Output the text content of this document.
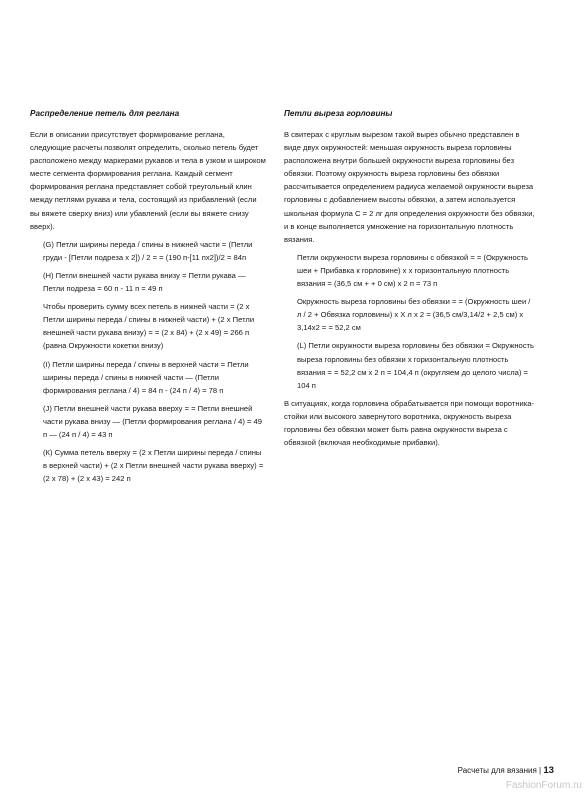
Распределение петель для реглана

Если в описании присутствует формирование реглана, следующие расчеты позволят определить, сколько петель будет расположено между маркерами рукавов и тела в узком и широком месте сегмента формирования реглана. Каждый сегмент формирования реглана представляет собой треугольный клин между петлями рукава и тела, состоящий из прибавлений (если вы вяжете сверху вниз) или убавлений (если вы вяжете снизу вверх).

(G) Петли ширины переда / спины в нижней части = (Петли груди - [Петли подреза х 2]) / 2 = = (190 п-[11 пх2])/2 = 84п

(Н) Петли внешней части рукава внизу = Петли рукава — Петли подреза = 60 п - 11 п = 49 п

Чтобы проверить сумму всех петель в нижней части = (2 х Петли ширины переда / спины в нижней части) + (2 х Петли внешней части рукава внизу) = = (2 х 84) + (2 х 49) = 266 п (равна Окружности кокетки внизу)

(I) Петли ширины переда / спины в верхней части = Петли ширины переда / спины в нижней части — (Петли формирования реглана / 4) = 84 п - (24 п / 4) = 78 п

(J) Петли внешней части рукава вверху = = Петли внешней части рукава внизу — (Петли формирования реглана / 4) = 49 п — (24 п / 4) = 43 п

(К) Сумма петель вверху = (2 х Петли ширины переда / спины в верхней части) + (2 х Петли внешней части рукава вверху) = (2 х 78) + (2 х 43) = 242 п

Петли выреза горловины

В свитерах с круглым вырезом такой вырез обычно представлен в виде двух окружностей: меньшая окружность выреза горловины расположена внутри большей окружности выреза горловины без обвязки. Поэтому окружность выреза горловины без обвязки рассчитывается определением радиуса желаемой окружности выреза горловины с добавлением высоты обвязки, а затем используется школьная формула С = 2 лг для определения окружности без обвязки, и в конце выполняется умножение на горизонтальную плотность вязания.

Петли окружности выреза горловины с обвязкой = = (Окружность шеи + Прибавка к горловине) х х горизонтальную плотность вязания = (36,5 см + + 0 см) х 2 п = 73 п

Окружность выреза горловины без обвязки = = (Окружность шеи / л / 2 + Обвязка горловины) х Х л х 2 = (36,5 см/3,14/2 + 2,5 см) х 3,14х2 = = 52,2 см

(L) Петли окружности выреза горловины без обвязки = Окружность выреза горловины без обвязки х горизонтальную плотность вязания = = 52,2 см х 2 п = 104,4 п (округляем до целого числа) = 104 п

В ситуациях, когда горловина обрабатывается при помощи воротника-стойки или высокого завернутого воротника, окружность выреза горловины без обвязки может быть равна окружности выреза с обвязкой (включая необходимые прибавки).

Расчеты для вязания | 13
FashionForum.ru
